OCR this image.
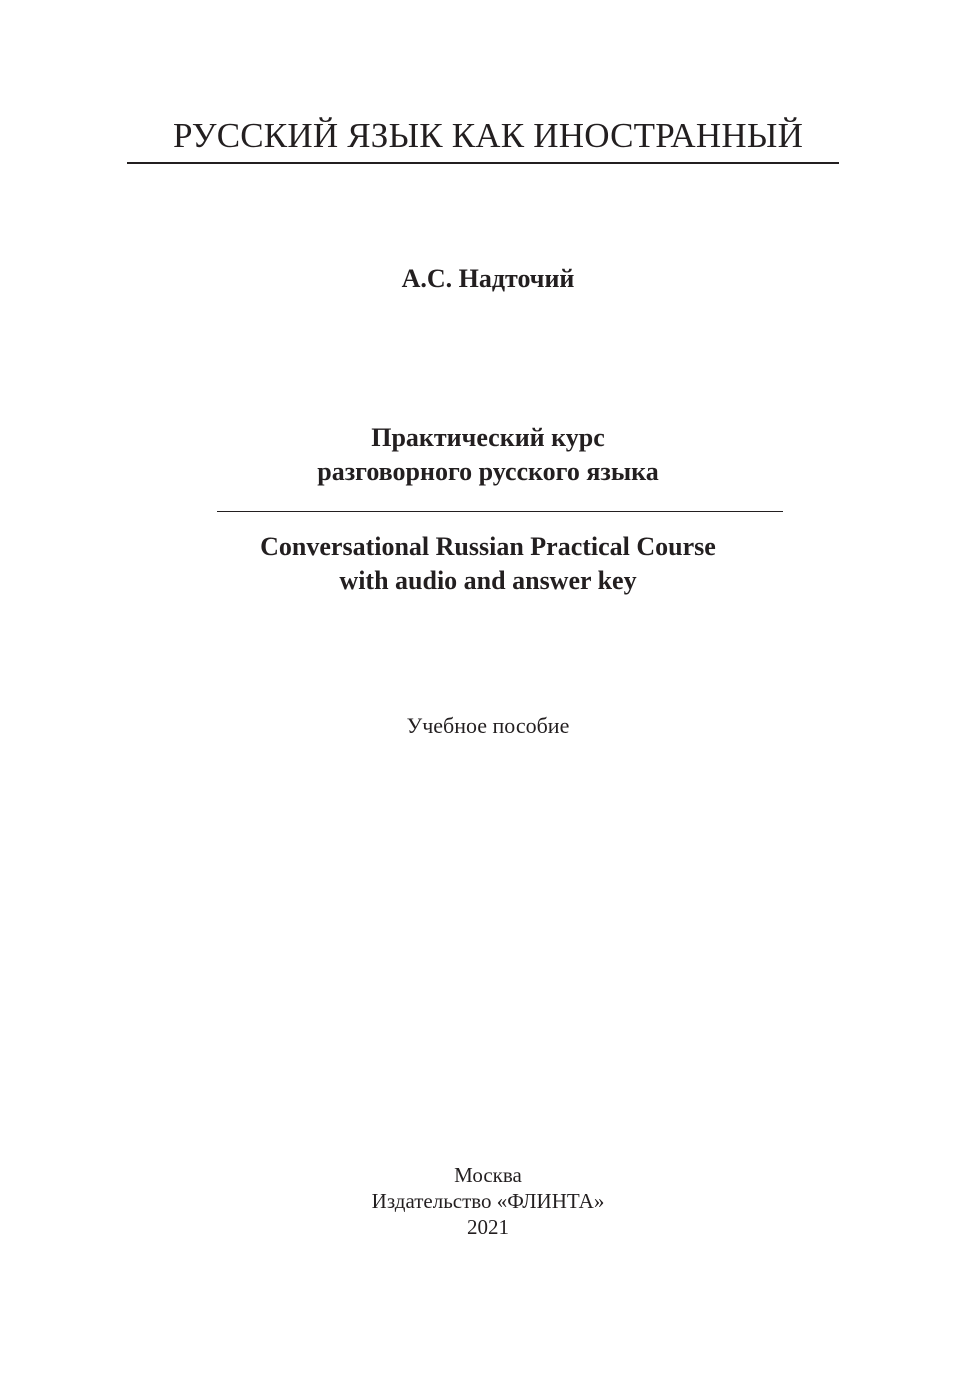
РУССКИЙ ЯЗЫК КАК ИНОСТРАННЫЙ
А.С. Надточий
Практический курс
разговорного русского языка
Conversational Russian Practical Course
with audio and answer key
Учебное пособие
Москва
Издательство «ФЛИНТА»
2021
